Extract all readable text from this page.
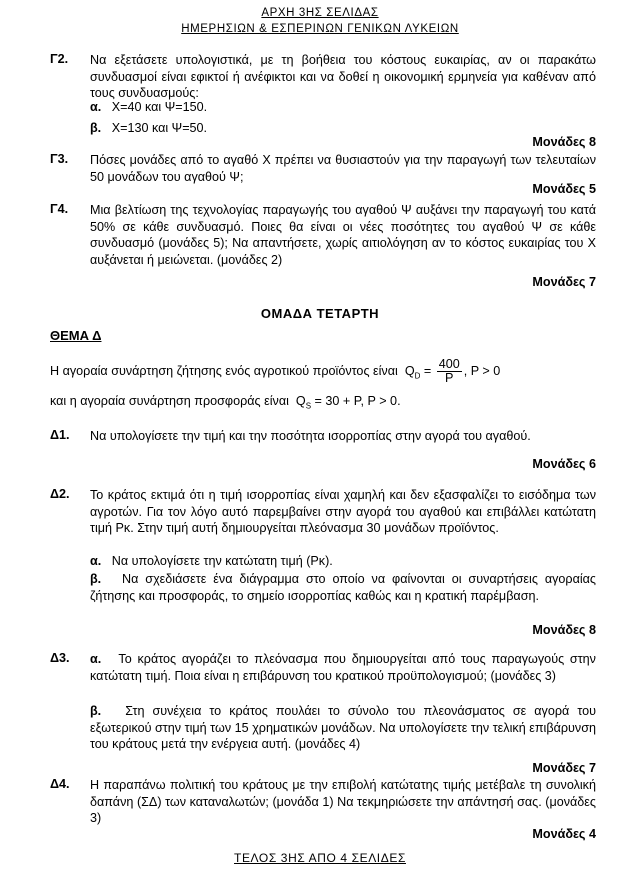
ΑΡΧΗ 3ΗΣ ΣΕΛΙΔΑΣ
ΗΜΕΡΗΣΙΩΝ & ΕΣΠΕΡΙΝΩΝ ΓΕΝΙΚΩΝ ΛΥΚΕΙΩΝ
Γ2. Να εξετάσετε υπολογιστικά, με τη βοήθεια του κόστους ευκαιρίας, αν οι παρακάτω συνδυασμοί είναι εφικτοί ή ανέφικτοι και να δοθεί η οικονομική ερμηνεία για καθέναν από τους συνδυασμούς:
α. Χ=40 και Ψ=150.
β. Χ=130 και Ψ=50.
Μονάδες 8
Γ3. Πόσες μονάδες από το αγαθό Χ πρέπει να θυσιαστούν για την παραγωγή των τελευταίων 50 μονάδων του αγαθού Ψ;
Μονάδες 5
Γ4. Μια βελτίωση της τεχνολογίας παραγωγής του αγαθού Ψ αυξάνει την παραγωγή του κατά 50% σε κάθε συνδυασμό. Ποιες θα είναι οι νέες ποσότητες του αγαθού Ψ σε κάθε συνδυασμό (μονάδες 5); Να απαντήσετε, χωρίς αιτιολόγηση αν το κόστος ευκαιρίας του Χ αυξάνεται ή μειώνεται. (μονάδες 2)
Μονάδες 7
ΟΜΑΔΑ ΤΕΤΑΡΤΗ
ΘΕΜΑ Δ
Η αγοραία συνάρτηση ζήτησης ενός αγροτικού προϊόντος είναι $Q_D = \frac{400}{P}$ , P > 0
και η αγοραία συνάρτηση προσφοράς είναι $Q_S = 30 + P$, P > 0.
Δ1. Να υπολογίσετε την τιμή και την ποσότητα ισορροπίας στην αγορά του αγαθού.
Μονάδες 6
Δ2. Το κράτος εκτιμά ότι η τιμή ισορροπίας είναι χαμηλή και δεν εξασφαλίζει το εισόδημα των αγροτών. Για τον λόγο αυτό παρεμβαίνει στην αγορά του αγαθού και επιβάλλει κατώτατη τιμή Pκ. Στην τιμή αυτή δημιουργείται πλεόνασμα 30 μονάδων προϊόντος.
α. Να υπολογίσετε την κατώτατη τιμή (Pκ).
β. Να σχεδιάσετε ένα διάγραμμα στο οποίο να φαίνονται οι συναρτήσεις αγοραίας ζήτησης και προσφοράς, το σημείο ισορροπίας καθώς και η κρατική παρέμβαση.
Μονάδες 8
Δ3. α. Το κράτος αγοράζει το πλεόνασμα που δημιουργείται από τους παραγωγούς στην κατώτατη τιμή. Ποια είναι η επιβάρυνση του κρατικού προϋπολογισμού; (μονάδες 3)
β. Στη συνέχεια το κράτος πουλάει το σύνολο του πλεονάσματος σε αγορά του εξωτερικού στην τιμή των 15 χρηματικών μονάδων. Να υπολογίσετε την τελική επιβάρυνση του κράτους μετά την ενέργεια αυτή. (μονάδες 4)
Μονάδες 7
Δ4. Η παραπάνω πολιτική του κράτους με την επιβολή κατώτατης τιμής μετέβαλε τη συνολική δαπάνη (ΣΔ) των καταναλωτών; (μονάδα 1) Να τεκμηριώσετε την απάντησή σας. (μονάδες 3)
Μονάδες 4
ΤΕΛΟΣ 3ΗΣ ΑΠΟ 4 ΣΕΛΙΔΕΣ
